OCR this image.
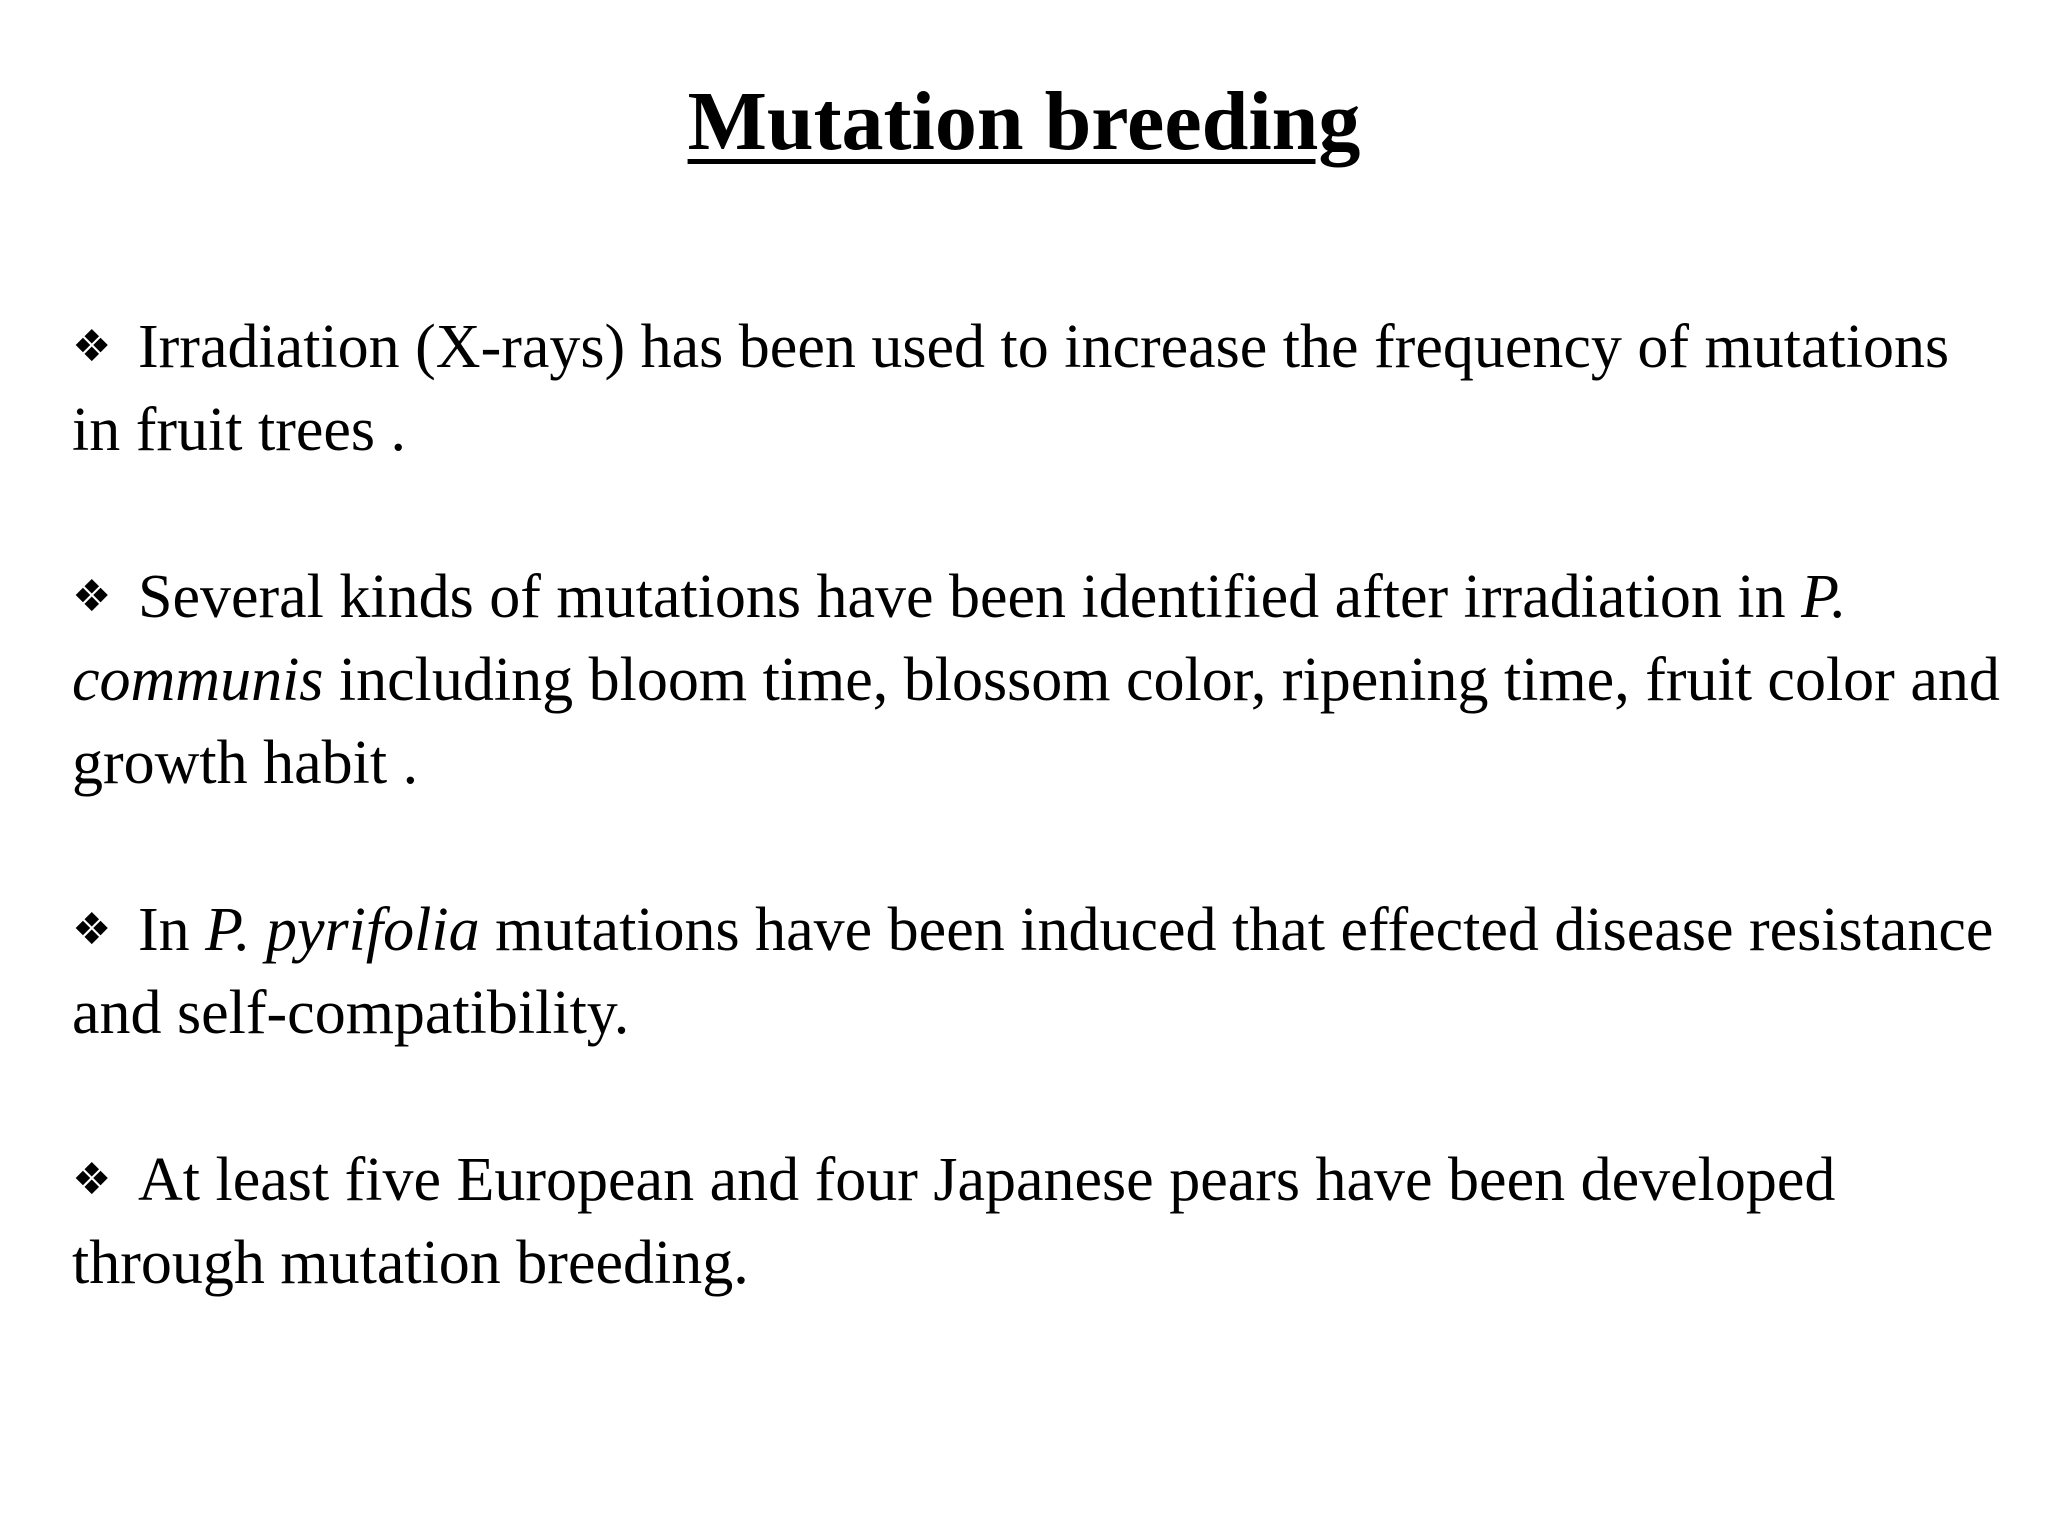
Mutation breeding
❖ Irradiation (X-rays) has been used to increase the frequency of mutations in fruit trees .
❖ Several kinds of mutations have been identified after irradiation in P. communis including bloom time, blossom color, ripening time, fruit color and growth habit .
❖ In P. pyrifolia mutations have been induced that effected disease resistance and self-compatibility.
❖ At least five European and four Japanese pears have been developed through mutation breeding.
